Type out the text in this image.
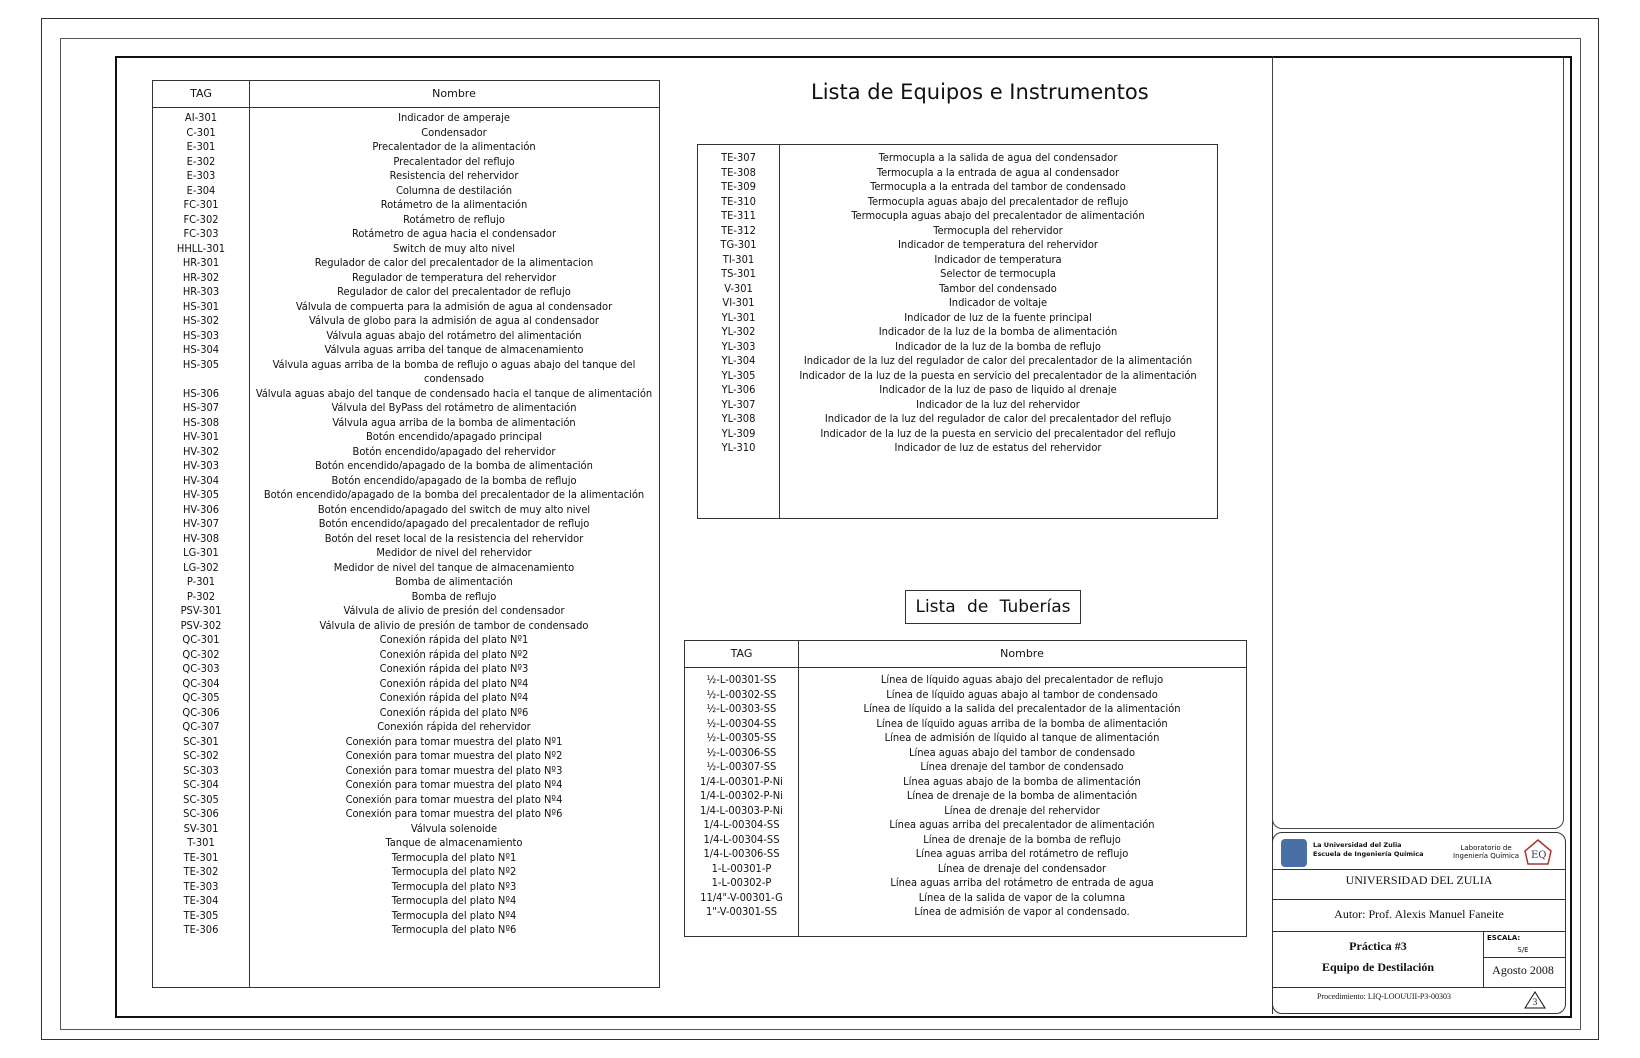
La Universidad del Zulia
Escuela de Ingeniería Química
Laboratorio de
Ingeniería Química EQ
UNIVERSIDAD DEL ZULIA
Autor: Prof. Alexis Manuel Faneite
Práctica #3
Equipo de Destilación
ESCALA:
S/E
Agosto 2008
Procedimiento: LIQ-LOOUUII-P3-00303
3
Lista de Equipos e Instrumentos
TAG	Nombre
AI-301	Indicador de amperaje
C-301	Condensador
E-301	Precalentador de la alimentación
E-302	Precalentador del reflujo
E-303	Resistencia del rehervidor
E-304	Columna de destilación
FC-301	Rotámetro de la alimentación
FC-302	Rotámetro de reflujo
FC-303	Rotámetro de agua hacia el condensador
HHLL-301	Switch de muy alto nivel
HR-301	Regulador de calor del precalentador de la alimentacion
HR-302	Regulador de temperatura del rehervidor
HR-303	Regulador de calor del precalentador de reflujo
HS-301	Válvula de compuerta para la admisión de agua al condensador
HS-302	Válvula de globo para la admisión de agua al condensador
HS-303	Válvula aguas abajo del rotámetro del alimentación
HS-304	Válvula aguas arriba del tanque de almacenamiento
HS-305	Válvula aguas arriba de la bomba de reflujo o aguas abajo del tanque del condensado
HS-306	Válvula aguas abajo del tanque de condensado hacia el tanque de alimentación
HS-307	Válvula del ByPass del rotámetro de alimentación
HS-308	Válvula agua arriba de la bomba de alimentación
HV-301	Botón encendido/apagado principal
HV-302	Botón encendido/apagado del rehervidor
HV-303	Botón encendido/apagado de la bomba de alimentación
HV-304	Botón encendido/apagado de la bomba de reflujo
HV-305	Botón encendido/apagado de la bomba del precalentador de la alimentación
HV-306	Botón encendido/apagado del switch de muy alto nivel
HV-307	Botón encendido/apagado del precalentador de reflujo
HV-308	Botón del reset local de la resistencia del rehervidor
LG-301	Medidor de nivel del rehervidor
LG-302	Medidor de nivel del tanque de almacenamiento
P-301	Bomba de alimentación
P-302	Bomba de reflujo
PSV-301	Válvula de alivio de presión del condensador
PSV-302	Válvula de alivio de presión de tambor de condensado
QC-301	Conexión rápida del plato Nº1
QC-302	Conexión rápida del plato Nº2
QC-303	Conexión rápida del plato Nº3
QC-304	Conexión rápida del plato Nº4
QC-305	Conexión rápida del plato Nº4
QC-306	Conexión rápida del plato Nº6
QC-307	Conexión rápida del rehervidor
SC-301	Conexión para tomar muestra del plato Nº1
SC-302	Conexión para tomar muestra del plato Nº2
SC-303	Conexión para tomar muestra del plato Nº3
SC-304	Conexión para tomar muestra del plato Nº4
SC-305	Conexión para tomar muestra del plato Nº4
SC-306	Conexión para tomar muestra del plato Nº6
SV-301	Válvula solenoide
T-301	Tanque de almacenamiento
TE-301	Termocupla del plato Nº1
TE-302	Termocupla del plato Nº2
TE-303	Termocupla del plato Nº3
TE-304	Termocupla del plato Nº4
TE-305	Termocupla del plato Nº4
TE-306	Termocupla del plato Nº6
TE-307	Termocupla a la salida de agua del condensador
TE-308	Termocupla a la entrada de agua al condensador
TE-309	Termocupla a la entrada del tambor de condensado
TE-310	Termocupla aguas abajo del precalentador de reflujo
TE-311	Termocupla aguas abajo del precalentador de alimentación
TE-312	Termocupla del rehervidor
TG-301	Indicador de temperatura del rehervidor
TI-301	Indicador de temperatura
TS-301	Selector de termocupla
V-301	Tambor del condensado
VI-301	Indicador de voltaje
YL-301	Indicador de luz de la fuente principal
YL-302	Indicador de la luz de la bomba de alimentación
YL-303	Indicador de la luz de la bomba de reflujo
YL-304	Indicador de la luz del regulador de calor del precalentador de la alimentación
YL-305	Indicador de la luz de la puesta en servicio del precalentador de la alimentación
YL-306	Indicador de la luz de paso de liquido al drenaje
YL-307	Indicador de la luz del rehervidor
YL-308	Indicador de la luz del regulador de calor del precalentador del reflujo
YL-309	Indicador de la luz de la puesta en servicio del precalentador del reflujo
YL-310	Indicador de luz de estatus del rehervidor
Lista de Tuberías
TAG	Nombre
½-L-00301-SS	Línea de líquido aguas abajo del precalentador de reflujo
½-L-00302-SS	Línea de líquido aguas abajo al tambor de condensado
½-L-00303-SS	Línea de líquido a la salida del precalentador de la alimentación
½-L-00304-SS	Línea de líquido aguas arriba de la bomba de alimentación
½-L-00305-SS	Línea de admisión de líquido al tanque de alimentación
½-L-00306-SS	Línea aguas abajo del tambor de condensado
½-L-00307-SS	Línea drenaje del tambor de condensado
1/4-L-00301-P-Ni	Línea aguas abajo de la bomba de alimentación
1/4-L-00302-P-Ni	Línea de drenaje de la bomba de alimentación
1/4-L-00303-P-Ni	Línea de drenaje del rehervidor
1/4-L-00304-SS	Línea aguas arriba del precalentador de alimentación
1/4-L-00304-SS	Línea de drenaje de la bomba de reflujo
1/4-L-00306-SS	Línea aguas arriba del rotámetro de reflujo
1-L-00301-P	Línea de drenaje del condensador
1-L-00302-P	Línea aguas arriba del rotámetro de entrada de agua
11/4"-V-00301-G	Línea de la salida de vapor de la columna
1"-V-00301-SS	Línea de admisión de vapor al condensado.
